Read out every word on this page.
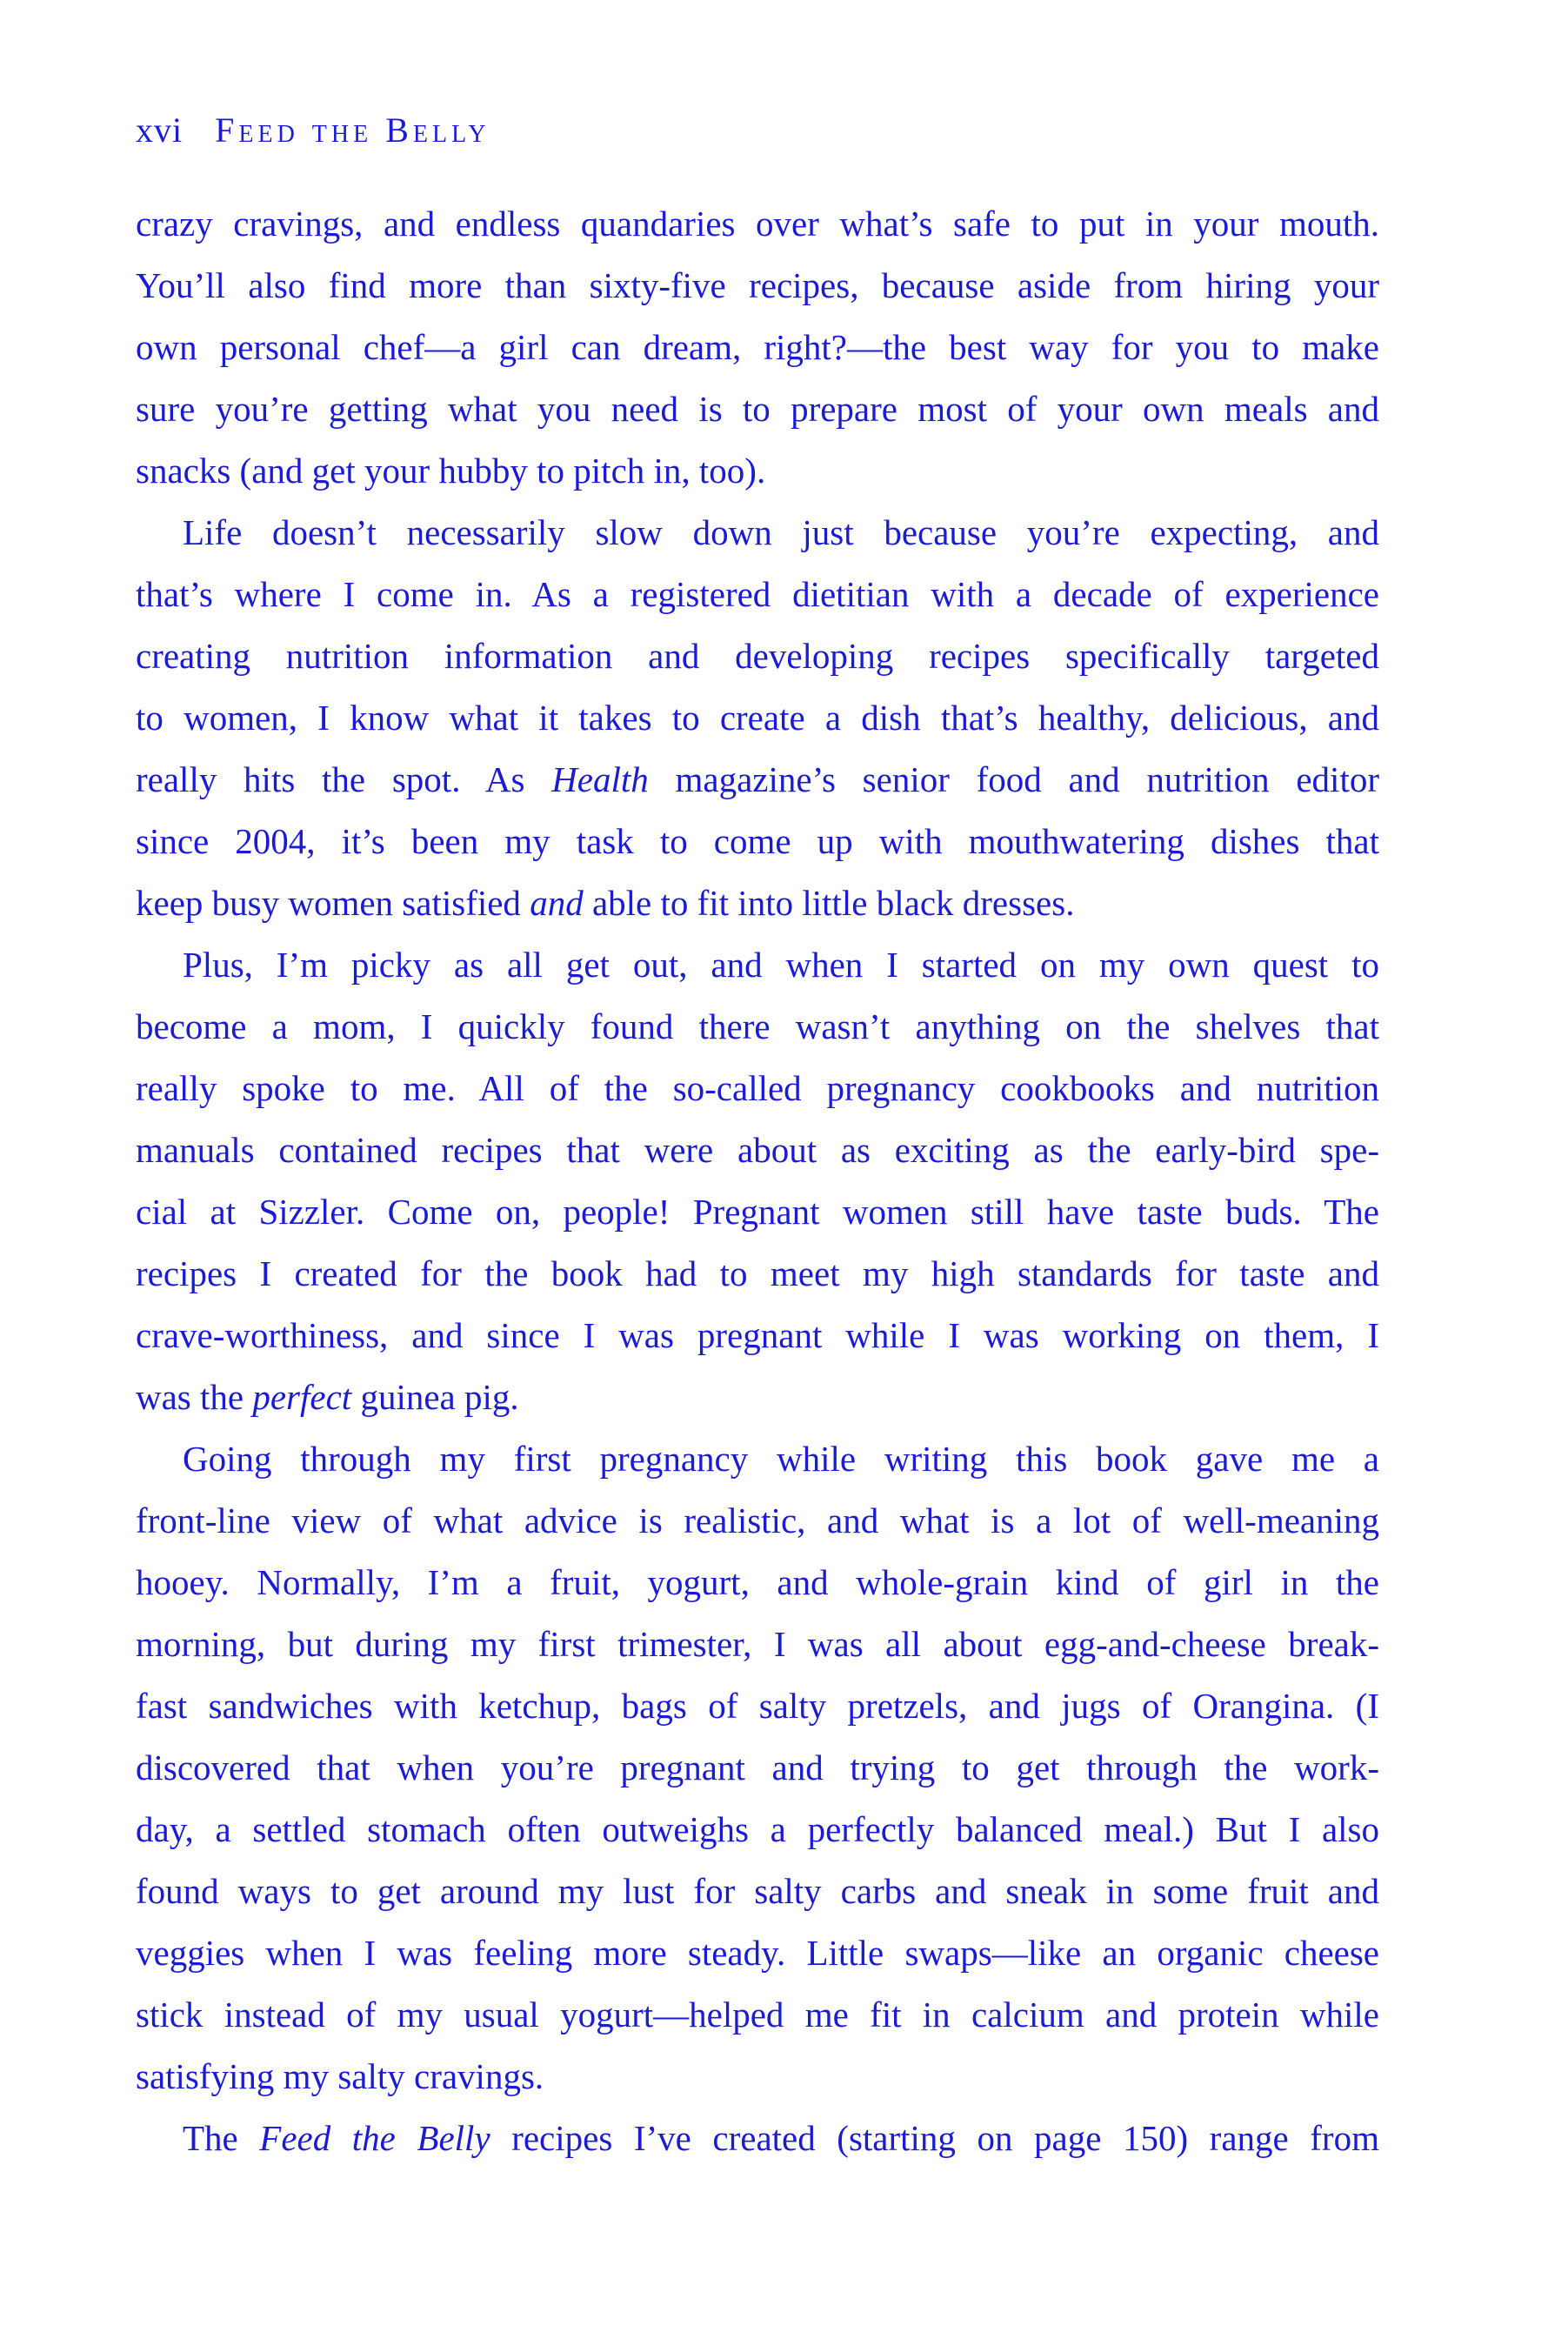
xvi Feed the Belly
crazy cravings, and endless quandaries over what’s safe to put in your mouth.
You’ll also find more than sixty-five recipes, because aside from hiring your
own personal chef—a girl can dream, right?—the best way for you to make
sure you’re getting what you need is to prepare most of your own meals and
snacks (and get your hubby to pitch in, too).
Life doesn’t necessarily slow down just because you’re expecting, and
that’s where I come in. As a registered dietitian with a decade of experience
creating nutrition information and developing recipes specifically targeted
to women, I know what it takes to create a dish that’s healthy, delicious, and
really hits the spot. As Health magazine’s senior food and nutrition editor
since 2004, it’s been my task to come up with mouthwatering dishes that
keep busy women satisfied and able to fit into little black dresses.
Plus, I’m picky as all get out, and when I started on my own quest to
become a mom, I quickly found there wasn’t anything on the shelves that
really spoke to me. All of the so-called pregnancy cookbooks and nutrition
manuals contained recipes that were about as exciting as the early-bird spe-
cial at Sizzler. Come on, people! Pregnant women still have taste buds. The
recipes I created for the book had to meet my high standards for taste and
crave-worthiness, and since I was pregnant while I was working on them, I
was the perfect guinea pig.
Going through my first pregnancy while writing this book gave me a
front-line view of what advice is realistic, and what is a lot of well-meaning
hooey. Normally, I’m a fruit, yogurt, and whole-grain kind of girl in the
morning, but during my first trimester, I was all about egg-and-cheese break-
fast sandwiches with ketchup, bags of salty pretzels, and jugs of Orangina. (I
discovered that when you’re pregnant and trying to get through the work-
day, a settled stomach often outweighs a perfectly balanced meal.) But I also
found ways to get around my lust for salty carbs and sneak in some fruit and
veggies when I was feeling more steady. Little swaps—like an organic cheese
stick instead of my usual yogurt—helped me fit in calcium and protein while
satisfying my salty cravings.
The Feed the Belly recipes I’ve created (starting on page 150) range from
